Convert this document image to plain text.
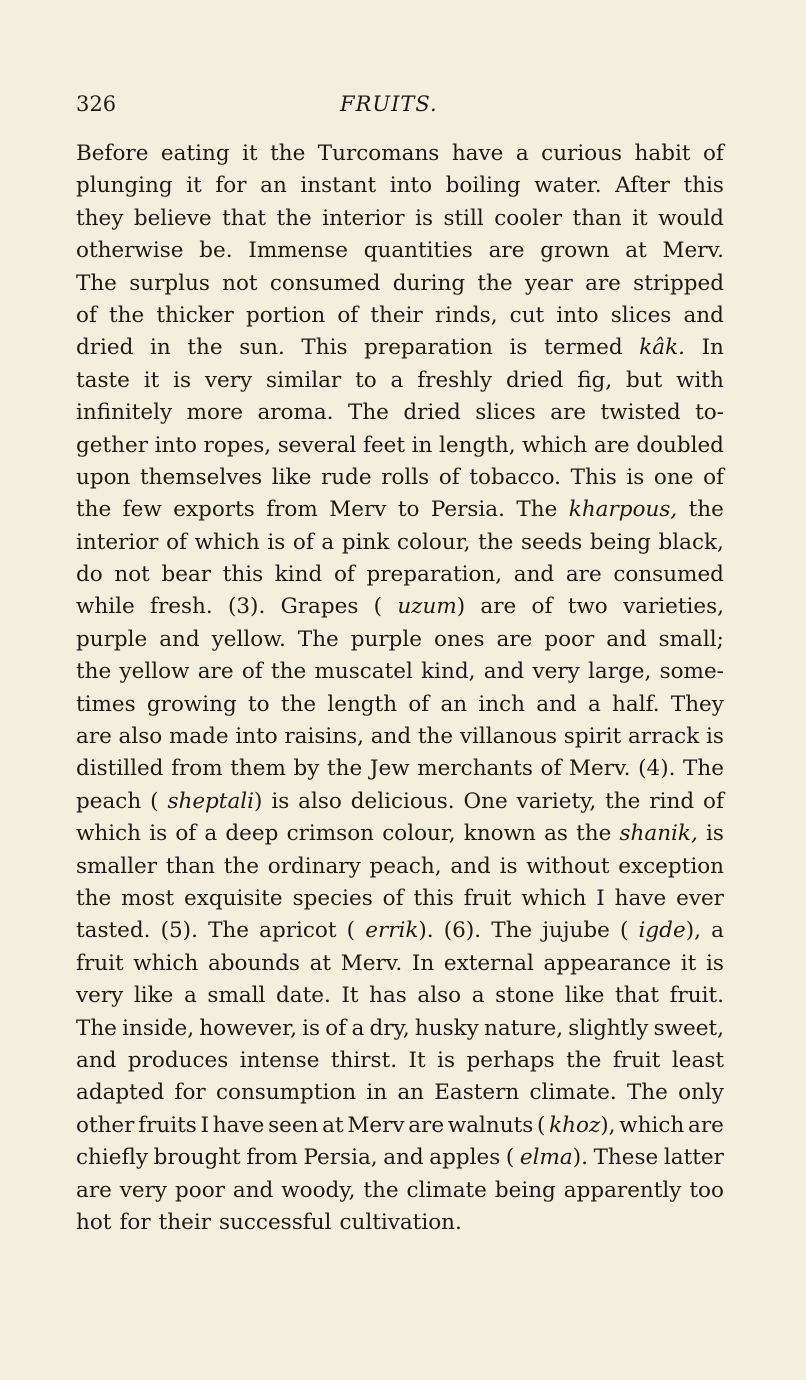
326	FRUITS.
Before eating it the Turcomans have a curious habit of
plunging it for an instant into boiling water. After this
they believe that the interior is still cooler than it would
otherwise be. Immense quantities are grown at Merv.
The surplus not consumed during the year are stripped
of the thicker portion of their rinds, cut into slices and
dried in the sun. This preparation is termed kâk. In
taste it is very similar to a freshly dried fig, but with
infinitely more aroma. The dried slices are twisted to-
gether into ropes, several feet in length, which are doubled
upon themselves like rude rolls of tobacco. This is one of
the few exports from Merv to Persia. The kharpous, the
interior of which is of a pink colour, the seeds being black,
do not bear this kind of preparation, and are consumed
while fresh. (3). Grapes ( uzum) are of two varieties,
purple and yellow. The purple ones are poor and small;
the yellow are of the muscatel kind, and very large, some-
times growing to the length of an inch and a half. They
are also made into raisins, and the villanous spirit arrack is
distilled from them by the Jew merchants of Merv. (4). The
peach ( sheptali) is also delicious. One variety, the rind of
which is of a deep crimson colour, known as the shanik, is
smaller than the ordinary peach, and is without exception
the most exquisite species of this fruit which I have ever
tasted. (5). The apricot ( errik). (6). The jujube ( igde), a
fruit which abounds at Merv. In external appearance it is
very like a small date. It has also a stone like that fruit.
The inside, however, is of a dry, husky nature, slightly sweet,
and produces intense thirst. It is perhaps the fruit least
adapted for consumption in an Eastern climate. The only
other fruits I have seen at Merv are walnuts ( khoz), which are
chiefly brought from Persia, and apples ( elma). These latter
are very poor and woody, the climate being apparently too
hot for their successful cultivation.
